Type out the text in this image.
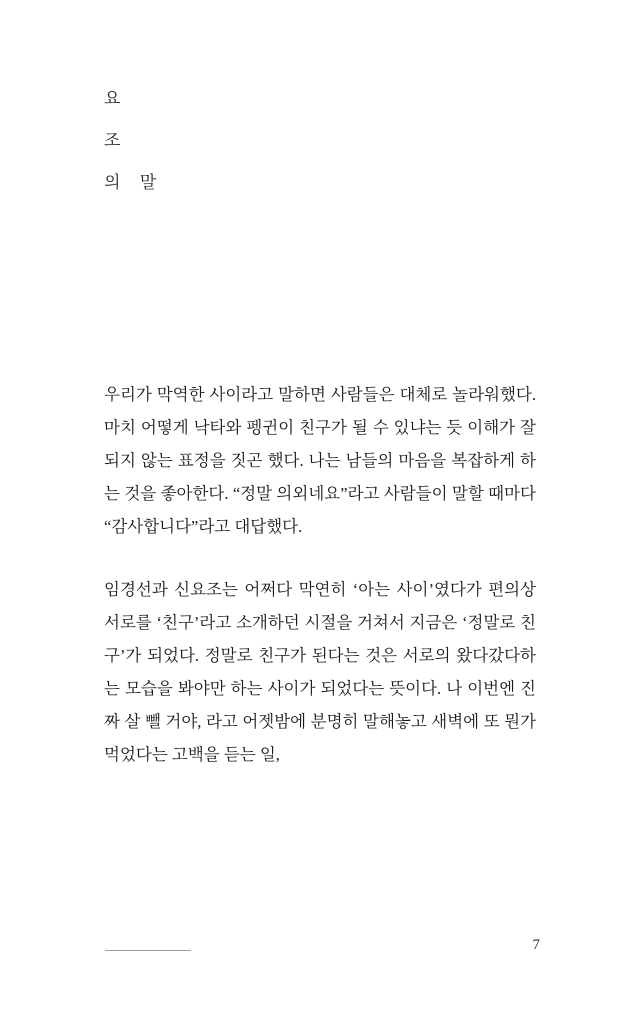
요
조
의    말

우리가 막역한 사이라고 말하면 사람들은 대체로 놀라워했다. 마치 어떻게 낙타와 펭귄이 친구가 될 수 있냐는 듯 이해가 잘 되지 않는 표정을 짓곤 했다. 나는 남들의 마음을 복잡하게 하는 것을 좋아한다. “정말 의외네요”라고 사람들이 말할 때마다 “감사합니다”라고 대답했다.

임경선과 신요조는 어쩌다 막연히 ‘아는 사이’였다가 편의상 서로를 ‘친구’라고 소개하던 시절을 거쳐서 지금은 ‘정말로 친구’가 되었다. 정말로 친구가 된다는 것은 서로의 왔다갔다하는 모습을 봐야만 하는 사이가 되었다는 뜻이다. 나 이번엔 진짜 살 뺄 거야, 라고 어젯밤에 분명히 말해놓고 새벽에 또 뭔가 먹었다는 고백을 듣는 일,

7
